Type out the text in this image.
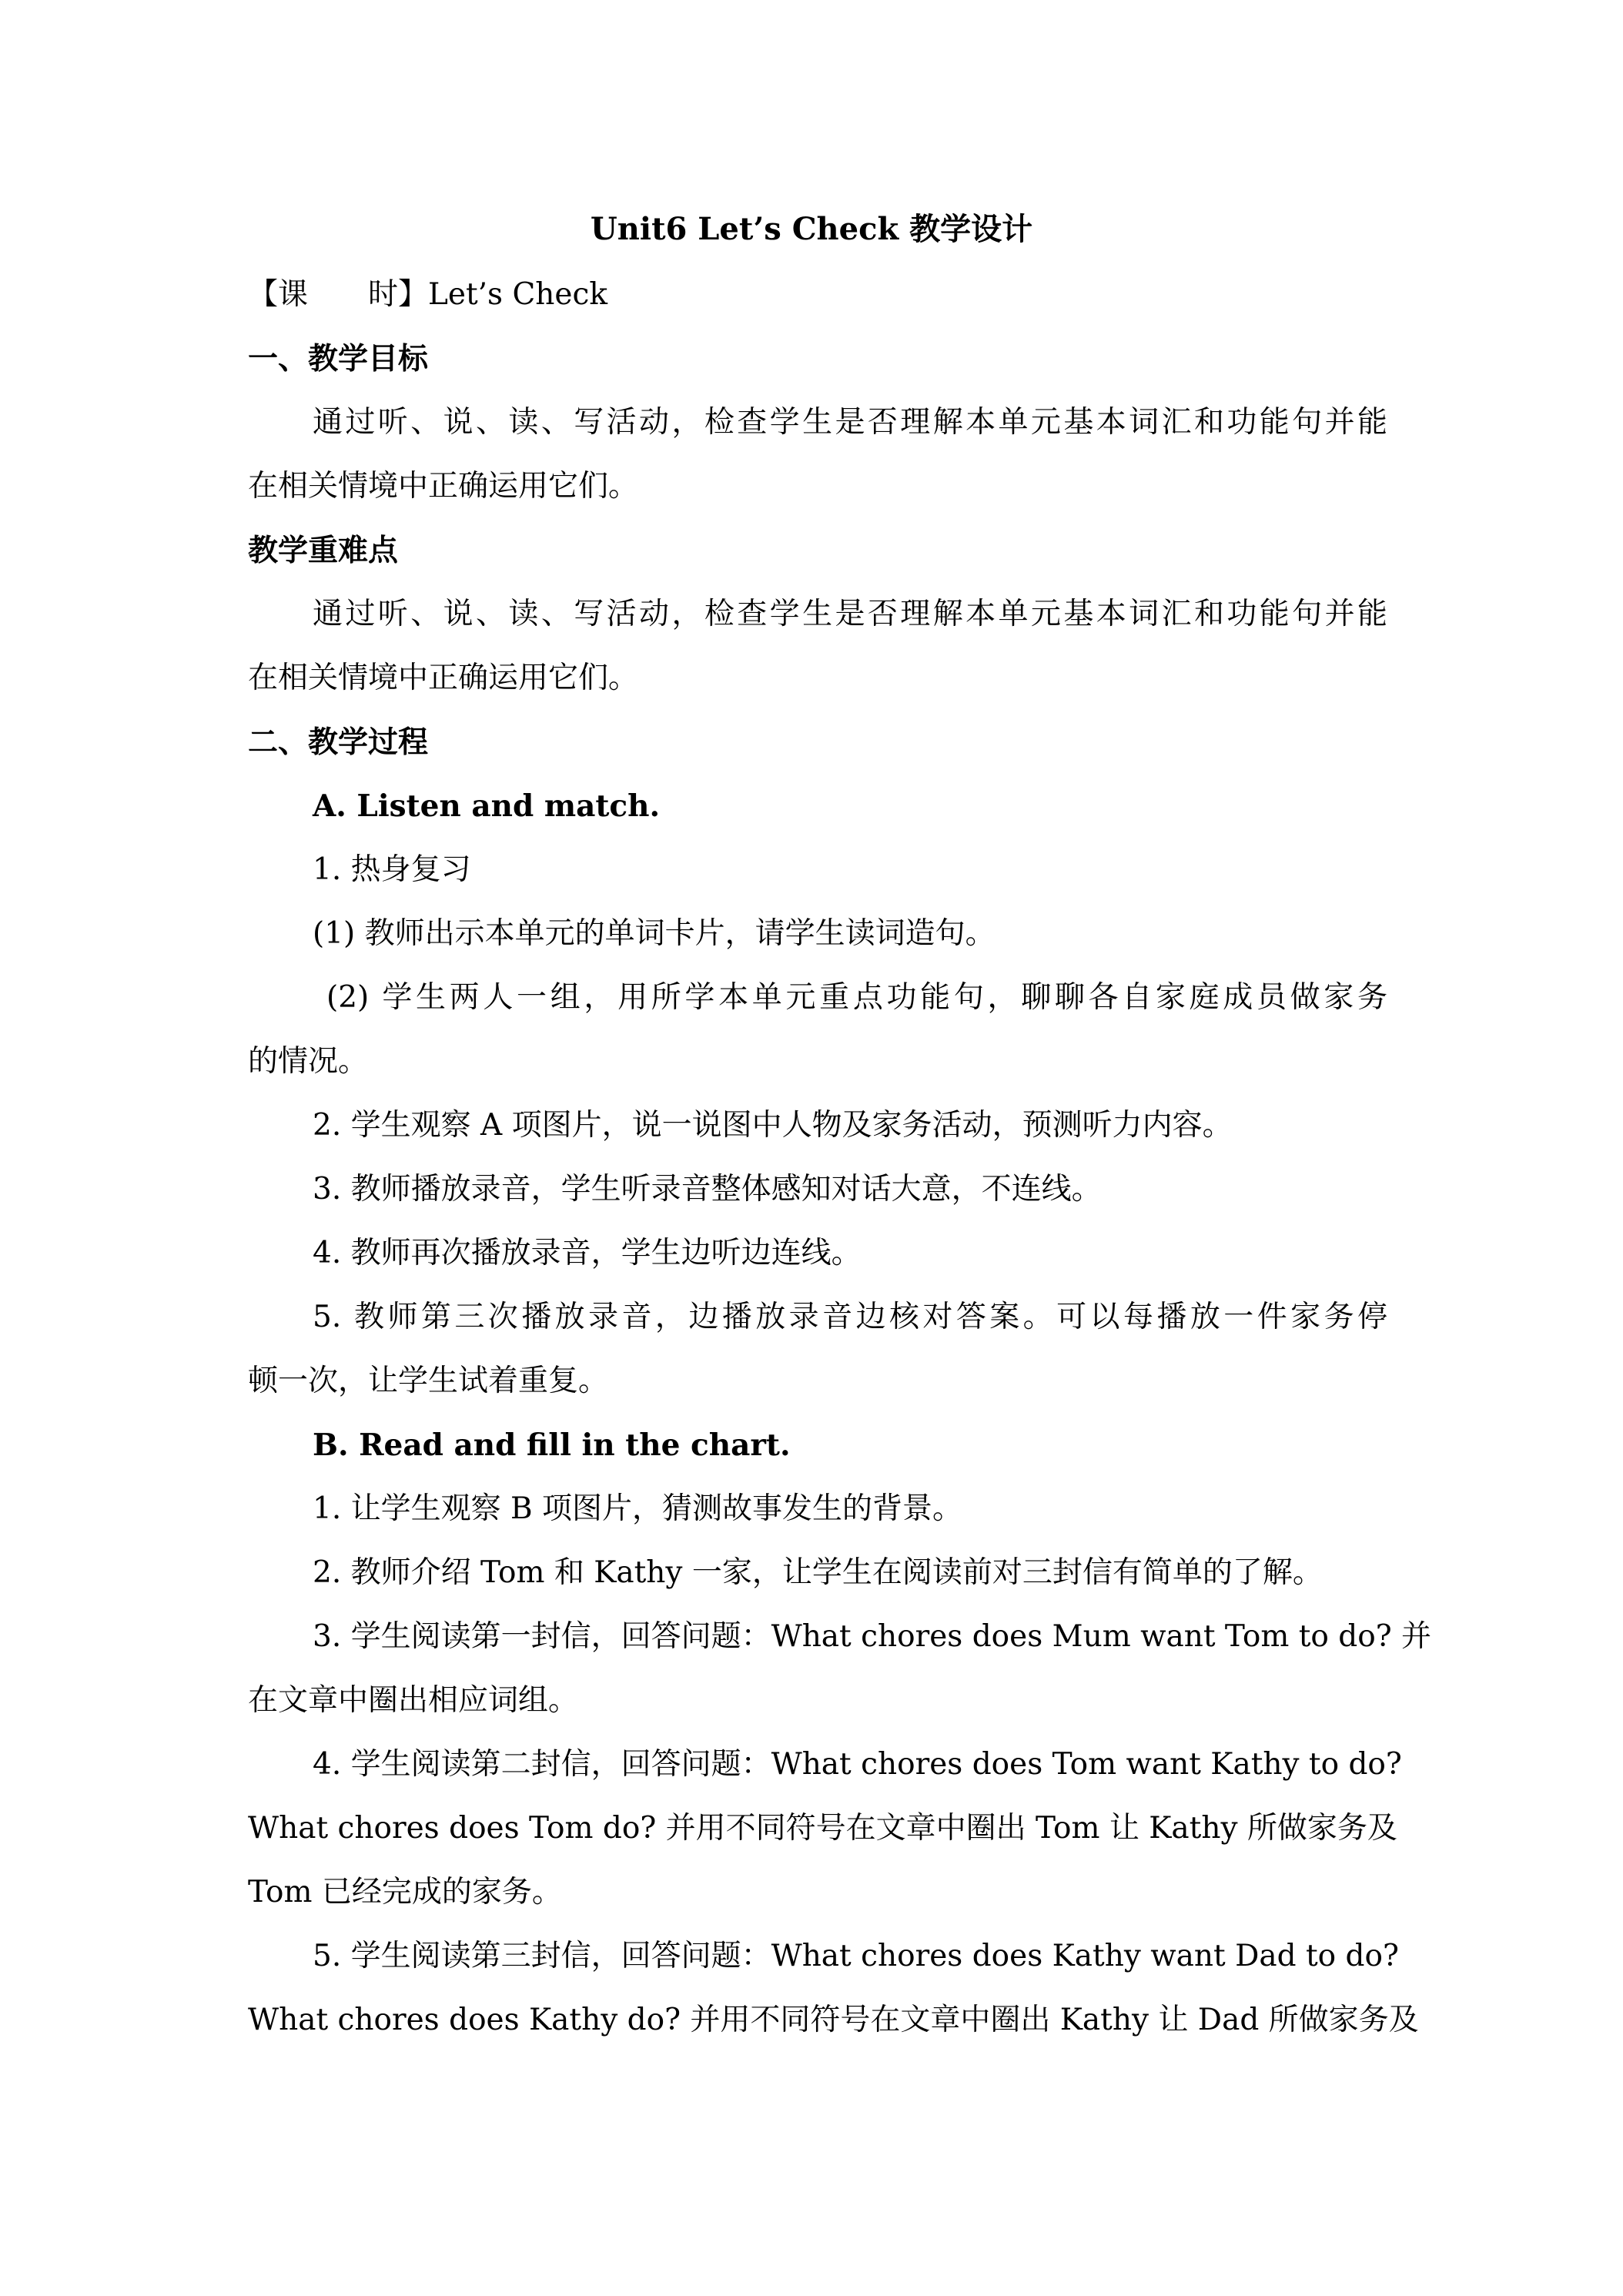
Unit6 Let’s Check 教学设计
【课　　时】Let’s Check
一、教学目标
通过听、说、读、写活动，检查学生是否理解本单元基本词汇和功能句并能
在相关情境中正确运用它们。
教学重难点
通过听、说、读、写活动，检查学生是否理解本单元基本词汇和功能句并能
在相关情境中正确运用它们。
二、教学过程
A. Listen and match.
1. 热身复习
(1) 教师出示本单元的单词卡片，请学生读词造句。
(2) 学生两人一组，用所学本单元重点功能句，聊聊各自家庭成员做家务
的情况。
2. 学生观察 A 项图片，说一说图中人物及家务活动，预测听力内容。
3. 教师播放录音，学生听录音整体感知对话大意，不连线。
4. 教师再次播放录音，学生边听边连线。
5. 教师第三次播放录音，边播放录音边核对答案。可以每播放一件家务停
顿一次，让学生试着重复。
B. Read and fill in the chart.
1. 让学生观察 B 项图片，猜测故事发生的背景。
2. 教师介绍 Tom 和 Kathy 一家，让学生在阅读前对三封信有简单的了解。
3. 学生阅读第一封信，回答问题：What chores does Mum want Tom to do? 并
在文章中圈出相应词组。
4. 学生阅读第二封信，回答问题：What chores does Tom want Kathy to do?
What chores does Tom do? 并用不同符号在文章中圈出 Tom 让 Kathy 所做家务及
Tom 已经完成的家务。
5. 学生阅读第三封信，回答问题：What chores does Kathy want Dad to do?
What chores does Kathy do? 并用不同符号在文章中圈出 Kathy 让 Dad 所做家务及
